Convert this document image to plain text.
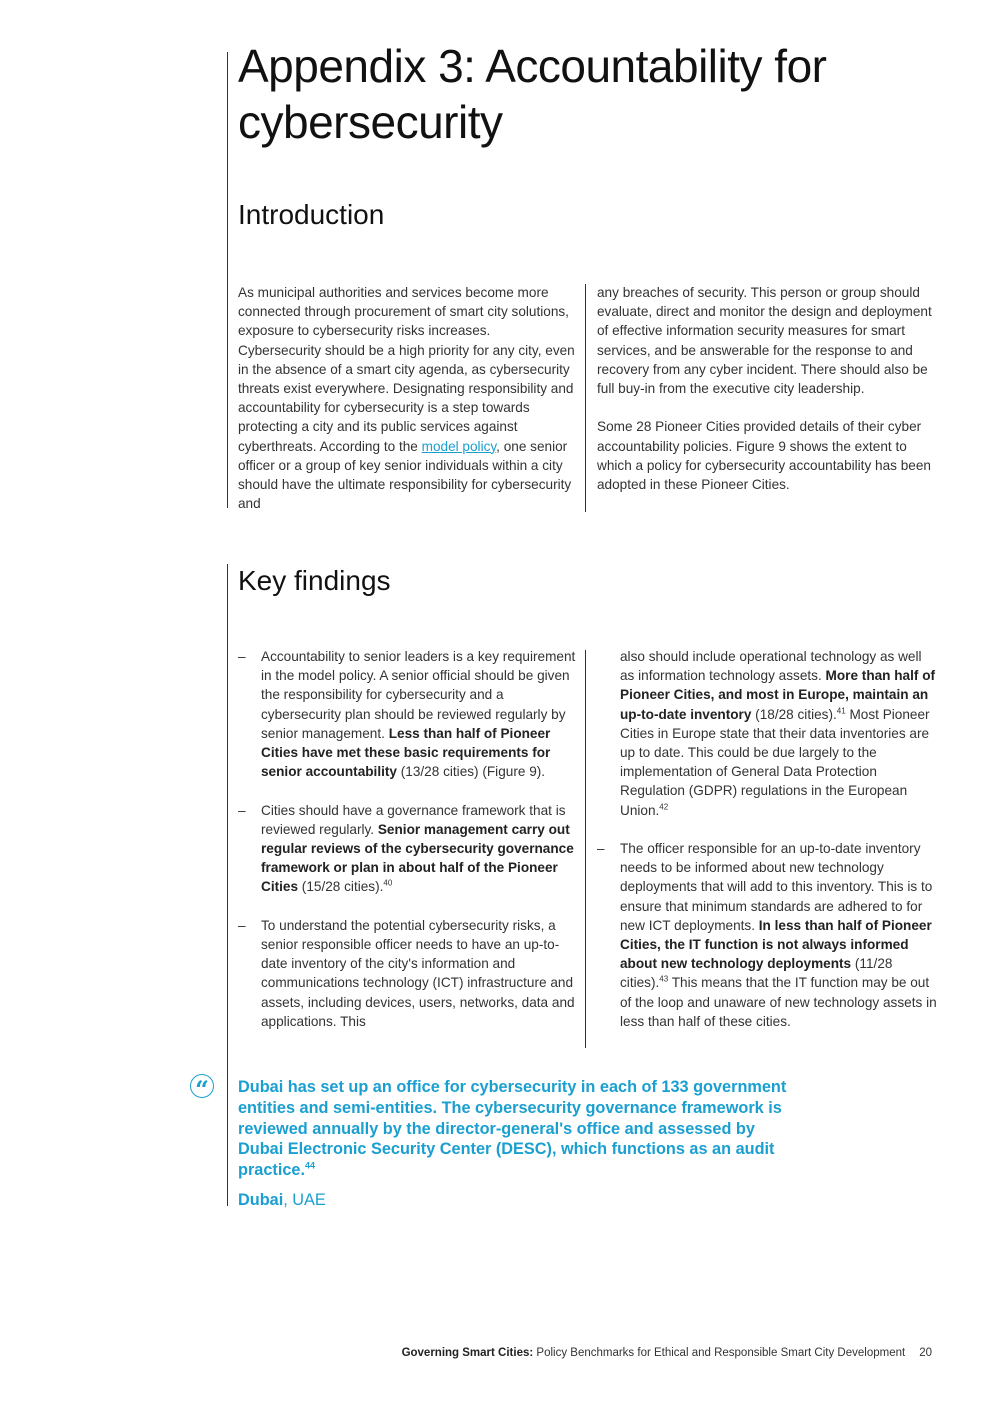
Appendix 3: Accountability for cybersecurity
Introduction

As municipal authorities and services become more connected through procurement of smart city solutions, exposure to cybersecurity risks increases. Cybersecurity should be a high priority for any city, even in the absence of a smart city agenda, as cybersecurity threats exist everywhere. Designating responsibility and accountability for cybersecurity is a step towards protecting a city and its public services against cyberthreats. According to the model policy, one senior officer or a group of key senior individuals within a city should have the ultimate responsibility for cybersecurity and

any breaches of security. This person or group should evaluate, direct and monitor the design and deployment of effective information security measures for smart services, and be answerable for the response to and recovery from any cyber incident. There should also be full buy-in from the executive city leadership.

Some 28 Pioneer Cities provided details of their cyber accountability policies. Figure 9 shows the extent to which a policy for cybersecurity accountability has been adopted in these Pioneer Cities.

Key findings
– Accountability to senior leaders is a key requirement in the model policy. A senior official should be given the responsibility for cybersecurity and a cybersecurity plan should be reviewed regularly by senior management. Less than half of Pioneer Cities have met these basic requirements for senior accountability (13/28 cities) (Figure 9).
– Cities should have a governance framework that is reviewed regularly. Senior management carry out regular reviews of the cybersecurity governance framework or plan in about half of the Pioneer Cities (15/28 cities).$^{40}$
– To understand the potential cybersecurity risks, a senior responsible officer needs to have an up-to-date inventory of the city's information and communications technology (ICT) infrastructure and assets, including devices, users, networks, data and applications. This
also should include operational technology as well as information technology assets. More than half of Pioneer Cities, and most in Europe, maintain an up-to-date inventory (18/28 cities).$^{41}$ Most Pioneer Cities in Europe state that their data inventories are up to date. This could be due largely to the implementation of General Data Protection Regulation (GDPR) regulations in the European Union.$^{42}$
– The officer responsible for an up-to-date inventory needs to be informed about new technology deployments that will add to this inventory. This is to ensure that minimum standards are adhered to for new ICT deployments. In less than half of Pioneer Cities, the IT function is not always informed about new technology deployments (11/28 cities).$^{43}$ This means that the IT function may be out of the loop and unaware of new technology assets in less than half of these cities.
“	Dubai has set up an office for cybersecurity in each of 133 government entities and semi-entities. The cybersecurity governance framework is reviewed annually by the director-general's office and assessed by Dubai Electronic Security Center (DESC), which functions as an audit practice.$^{44}$

Dubai, UAE

Governing Smart Cities: Policy Benchmarks for Ethical and Responsible Smart City Development 20
